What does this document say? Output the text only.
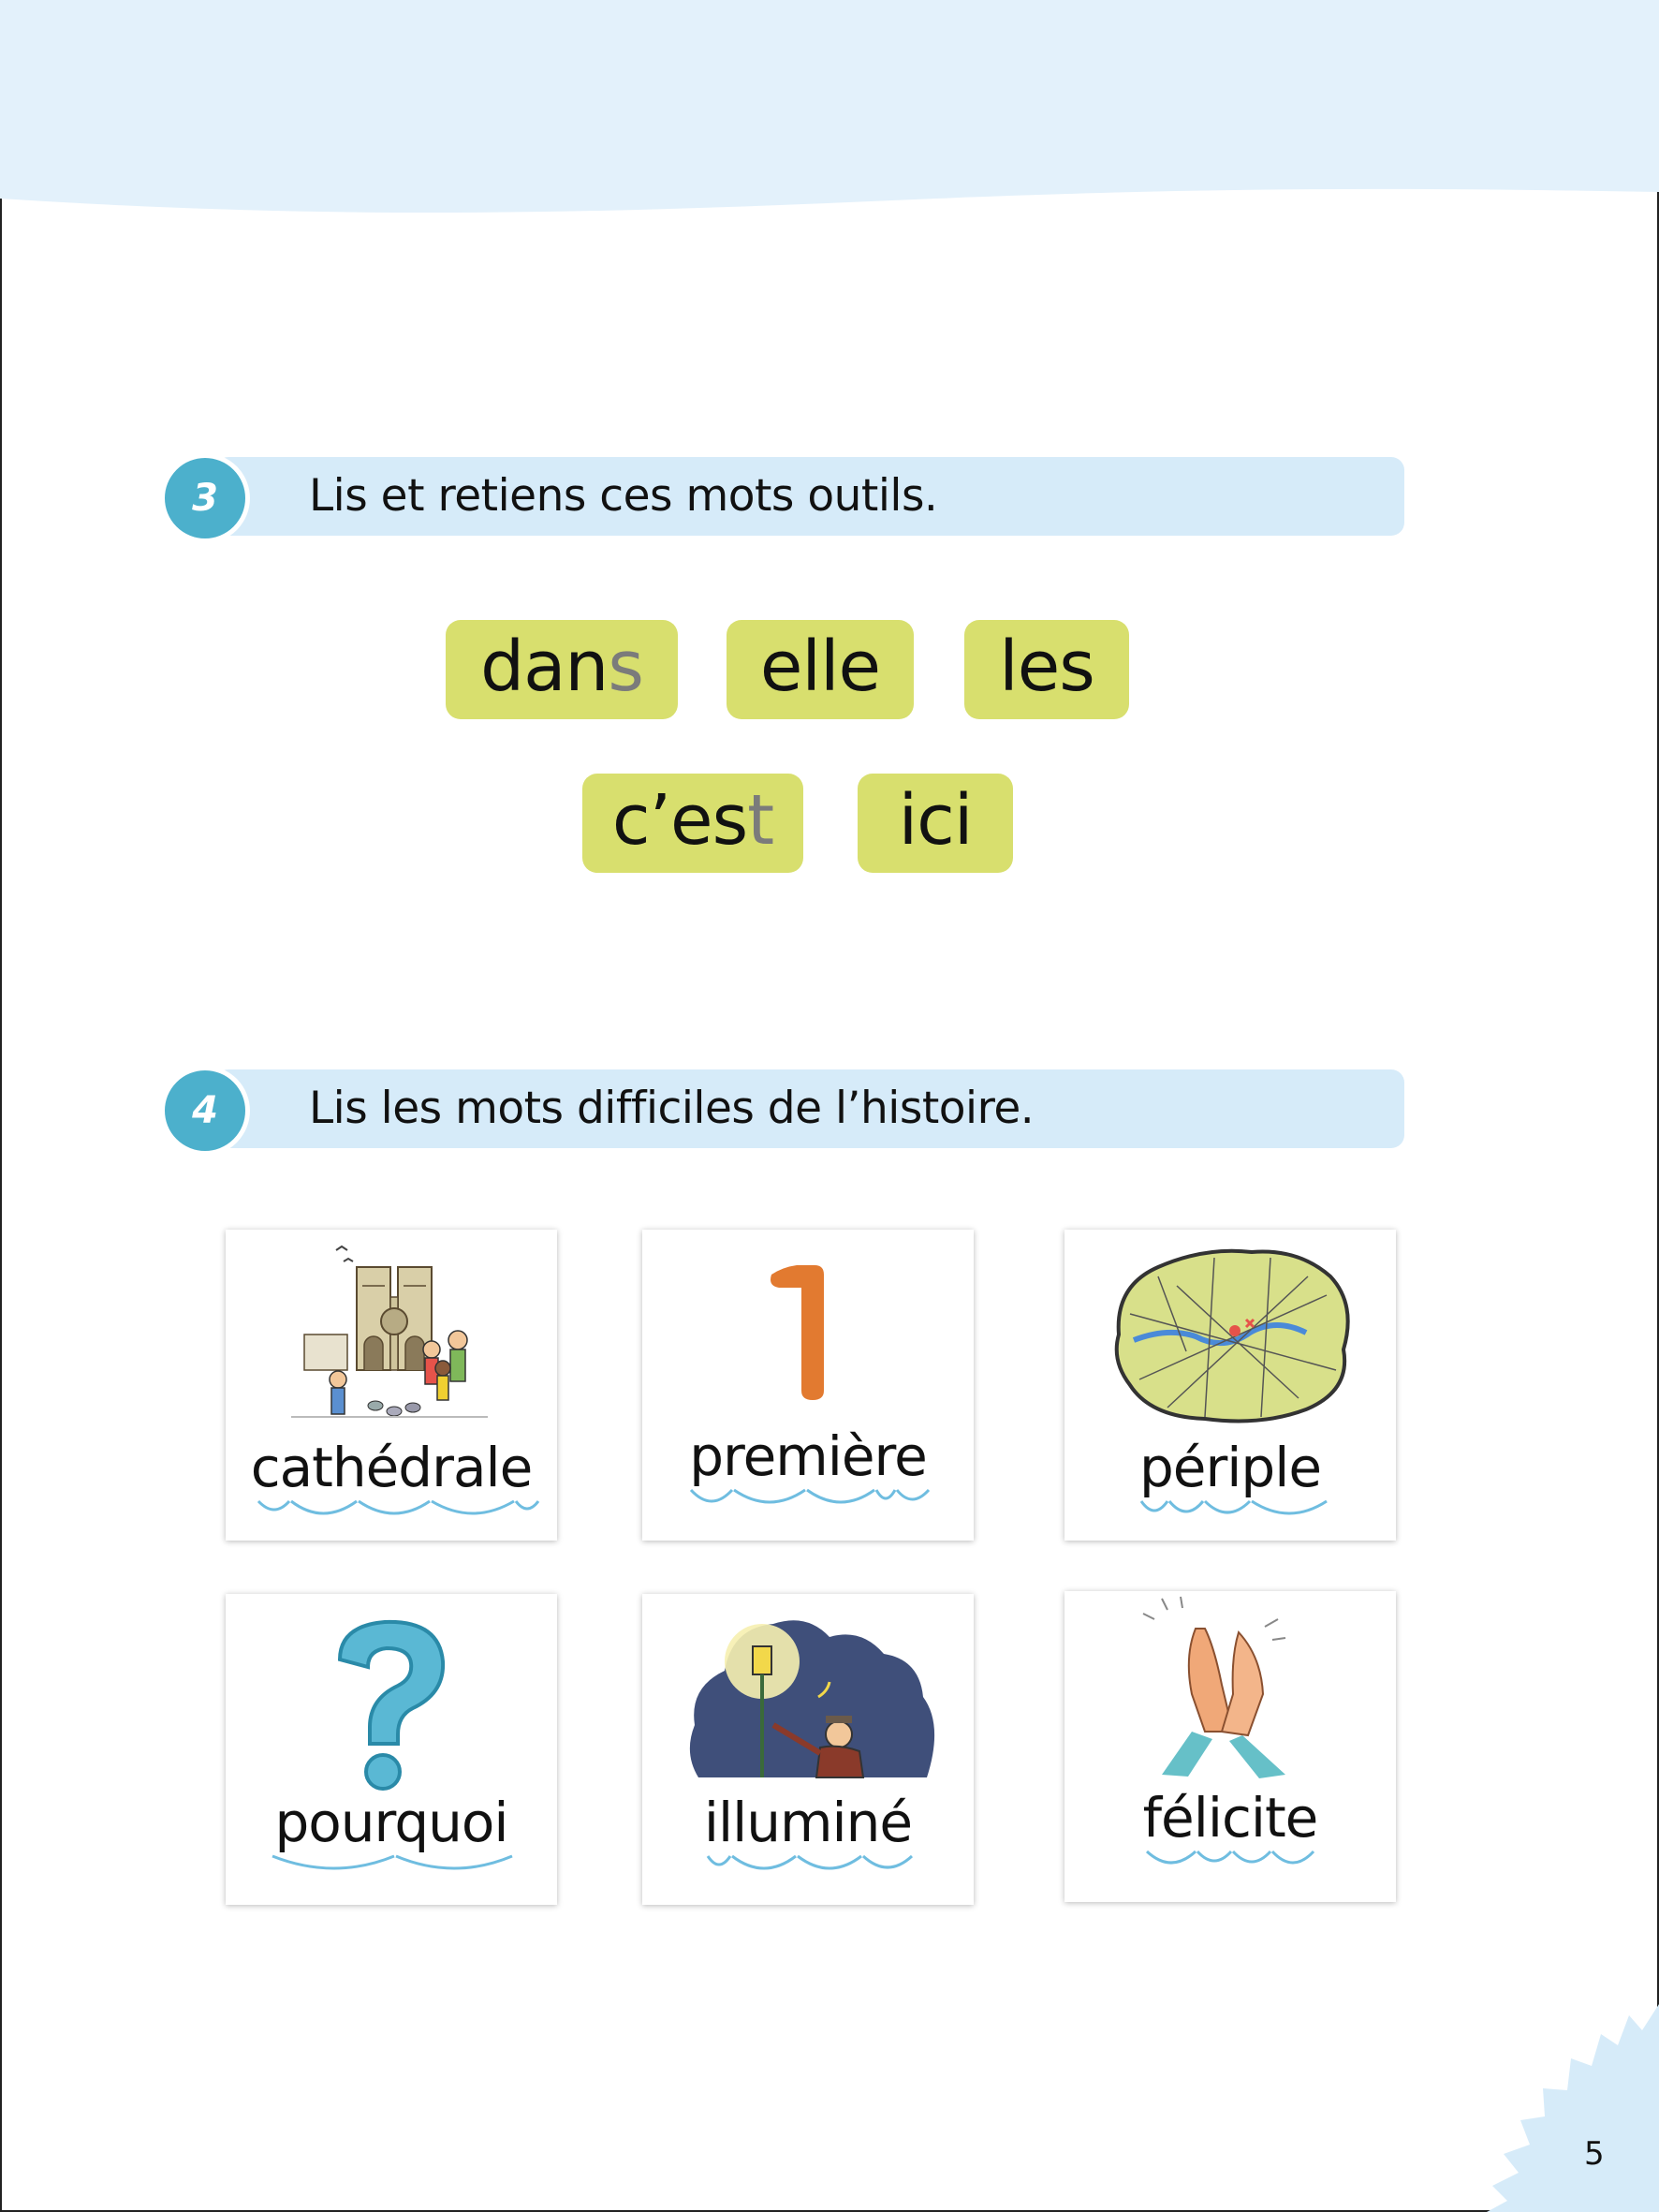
Lis et retiens ces mots outils.
3
dans	elle	les
c’est	ici
Lis les mots difficiles de l’histoire.
4
cathédrale	première	périple
pourquoi	illuminé	félicite
5
